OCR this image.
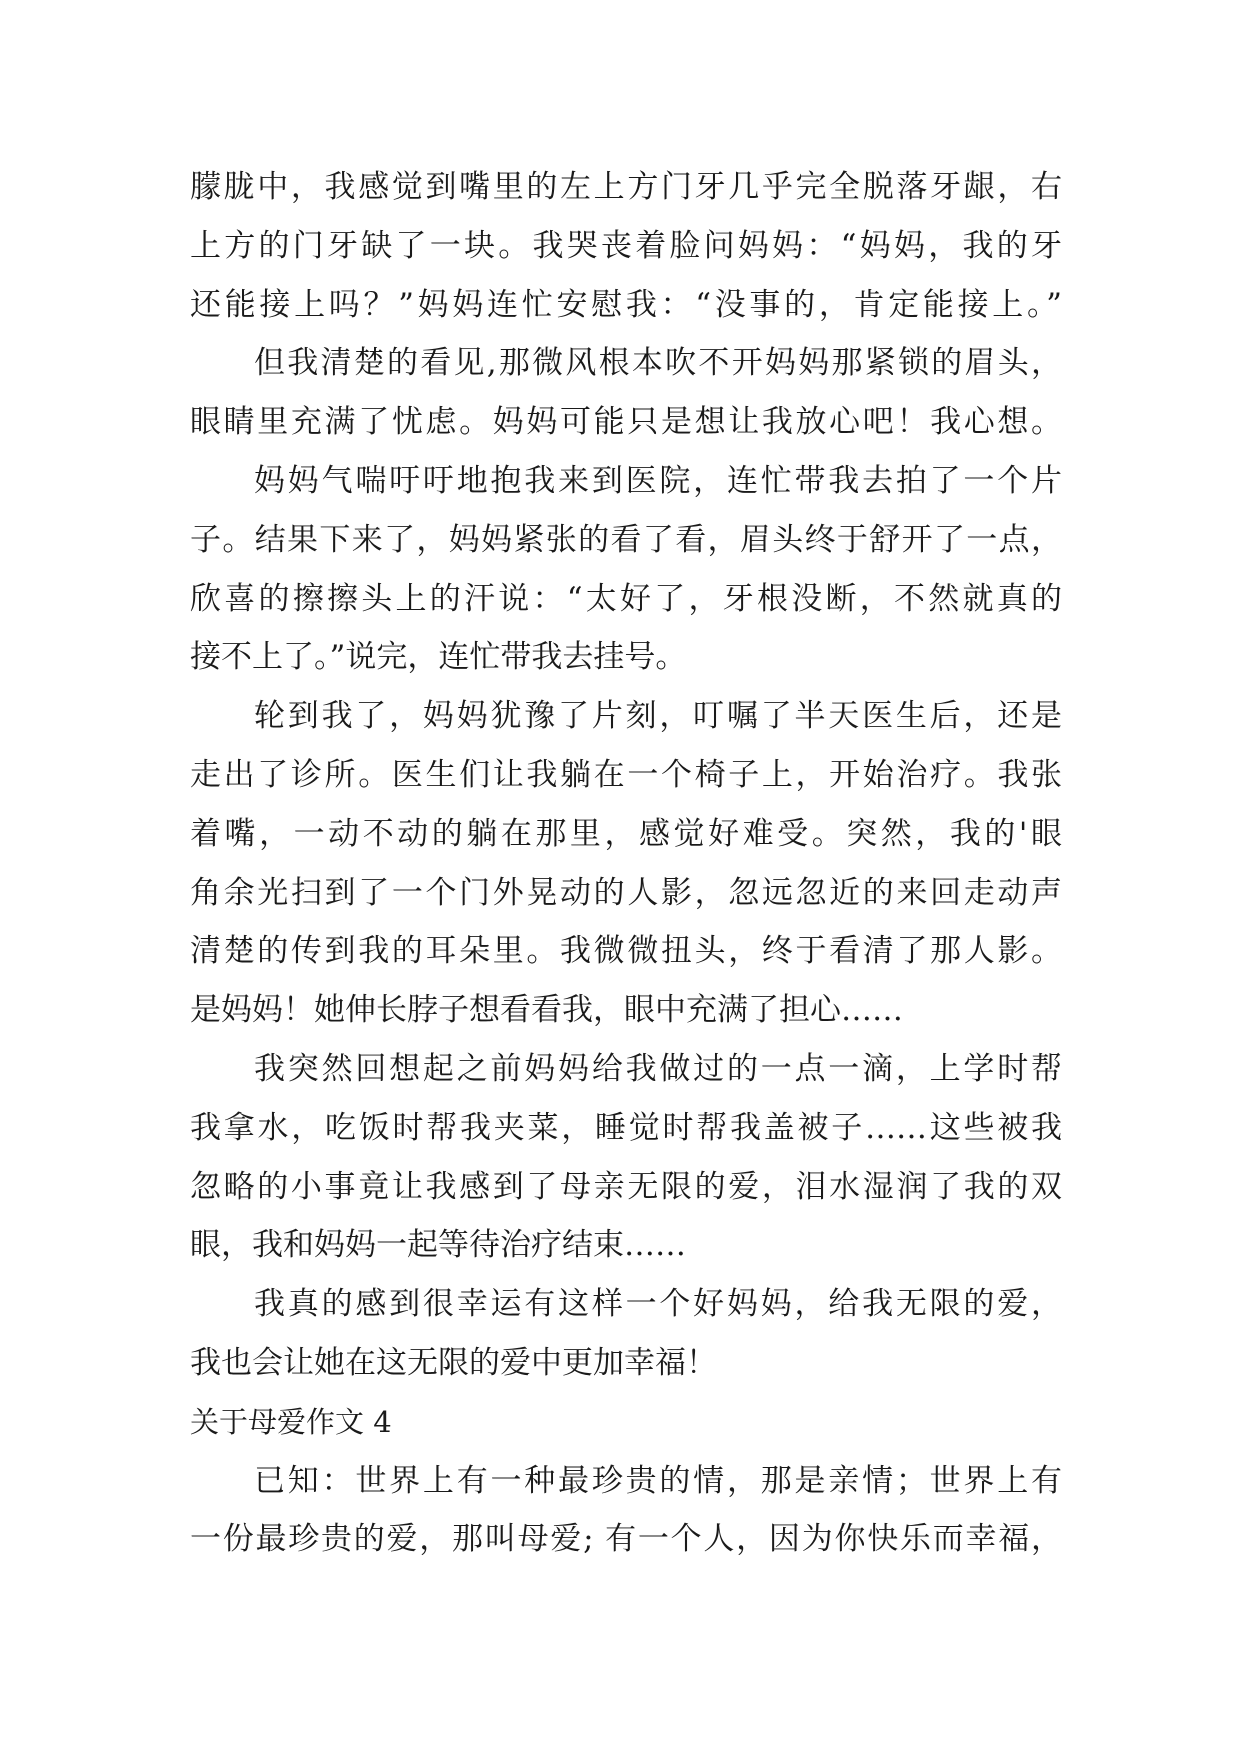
朦胧中，我感觉到嘴里的左上方门牙几乎完全脱落牙龈，右
上方的门牙缺了一块。我哭丧着脸问妈妈：“妈妈，我的牙
还能接上吗？”妈妈连忙安慰我：“没事的，肯定能接上。”
但我清楚的看见,那微风根本吹不开妈妈那紧锁的眉头，
眼睛里充满了忧虑。妈妈可能只是想让我放心吧！我心想。
妈妈气喘吁吁地抱我来到医院，连忙带我去拍了一个片
子。结果下来了，妈妈紧张的看了看，眉头终于舒开了一点，
欣喜的擦擦头上的汗说：“太好了，牙根没断，不然就真的
接不上了。”说完，连忙带我去挂号。
轮到我了，妈妈犹豫了片刻，叮嘱了半天医生后，还是
走出了诊所。医生们让我躺在一个椅子上，开始治疗。我张
着嘴，一动不动的躺在那里，感觉好难受。突然，我的'眼
角余光扫到了一个门外晃动的人影，忽远忽近的来回走动声
清楚的传到我的耳朵里。我微微扭头，终于看清了那人影。
是妈妈！她伸长脖子想看看我，眼中充满了担心……
我突然回想起之前妈妈给我做过的一点一滴，上学时帮
我拿水，吃饭时帮我夹菜，睡觉时帮我盖被子……这些被我
忽略的小事竟让我感到了母亲无限的爱，泪水湿润了我的双
眼，我和妈妈一起等待治疗结束……
我真的感到很幸运有这样一个好妈妈，给我无限的爱，
我也会让她在这无限的爱中更加幸福！
关于母爱作文 4
已知：世界上有一种最珍贵的情，那是亲情；世界上有
一份最珍贵的爱，那叫母爱; 有一个人，因为你快乐而幸福，
